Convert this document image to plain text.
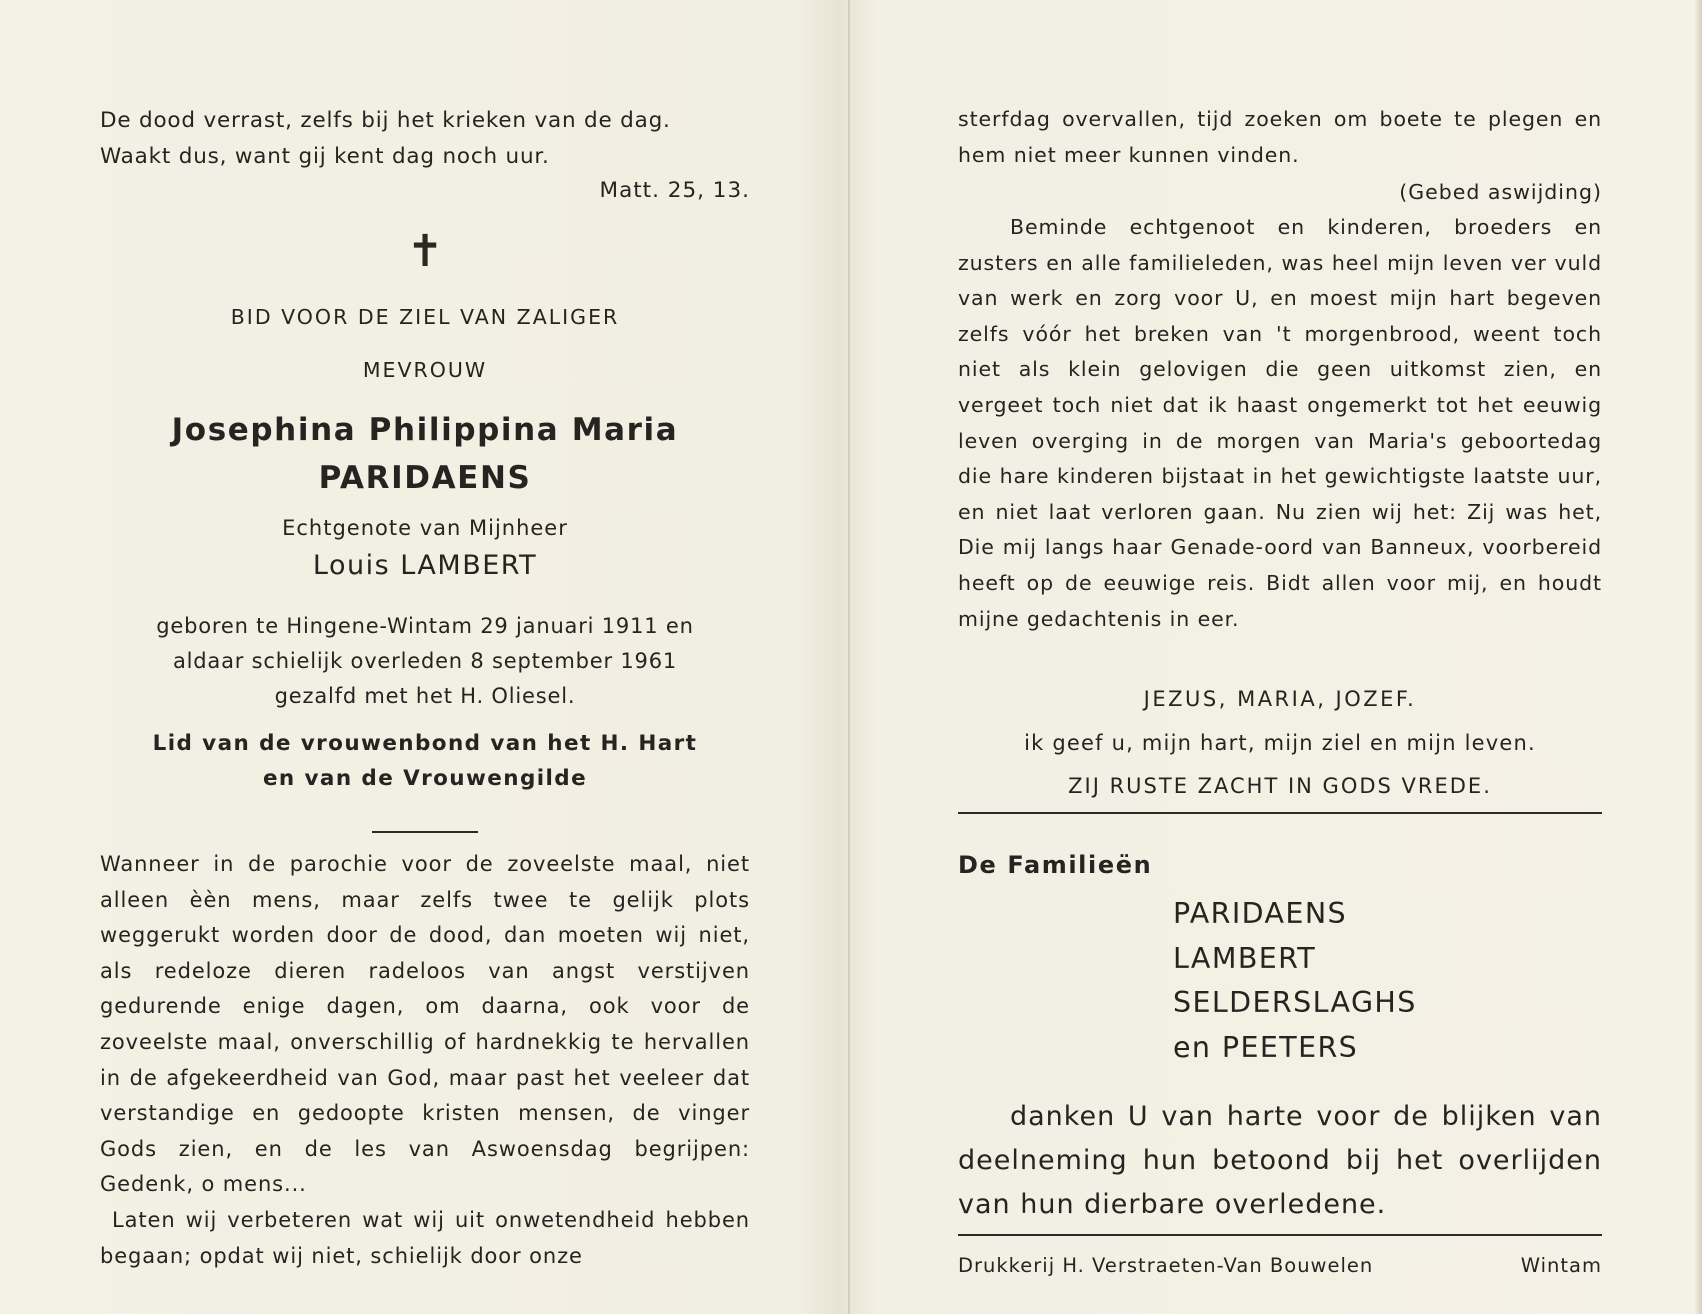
De dood verrast, zelfs bij het krieken van de dag.

Waakt dus, want gij kent dag noch uur.

Matt. 25, 13.

✝

BID VOOR DE ZIEL VAN ZALIGER

MEVROUW

Josephina Philippina Maria

PARIDAENS

Echtgenote van Mijnheer

Louis LAMBERT

geboren te Hingene-Wintam 29 januari 1911 en

aldaar schielijk overleden 8 september 1961

gezalfd met het H. Oliesel.

Lid van de vrouwenbond van het H. Hart

en van de Vrouwengilde

Wanneer in de parochie voor de zoveelste maal, niet alleen èèn mens, maar zelfs twee te gelijk plots weggerukt worden door de dood, dan moeten wij niet, als redeloze dieren radeloos van angst verstijven gedurende enige dagen, om daarna, ook voor de zoveelste maal, onverschillig of hardnekkig te hervallen in de afgekeerdheid van God, maar past het veeleer dat verstandige en gedoopte kristen mensen, de vinger Gods zien, en de les van Aswoensdag begrijpen: Gedenk, o mens...

Laten wij verbeteren wat wij uit onwetendheid hebben begaan; opdat wij niet, schielijk door onze

sterfdag overvallen, tijd zoeken om boete te plegen en hem niet meer kunnen vinden.

(Gebed aswijding)

Beminde echtgenoot en kinderen, broeders en zusters en alle familieleden, was heel mijn leven ver vuld van werk en zorg voor U, en moest mijn hart begeven zelfs vóór het breken van 't morgenbrood, weent toch niet als klein gelovigen die geen uitkomst zien, en vergeet toch niet dat ik haast ongemerkt tot het eeuwig leven overging in de morgen van Maria's geboortedag die hare kinderen bijstaat in het gewichtigste laatste uur, en niet laat verloren gaan. Nu zien wij het: Zij was het, Die mij langs haar Genade-oord van Banneux, voorbereid heeft op de eeuwige reis. Bidt allen voor mij, en houdt mijne gedachtenis in eer.

JEZUS, MARIA, JOZEF.

ik geef u, mijn hart, mijn ziel en mijn leven.

ZIJ RUSTE ZACHT IN GODS VREDE.

De Familieën

PARIDAENS
LAMBERT
SELDERSLAGHS
en PEETERS

danken U van harte voor de blijken van deelneming hun betoond bij het overlijden van hun dierbare overledene.

Drukkerij H. Verstraeten-Van Bouwelen	Wintam
